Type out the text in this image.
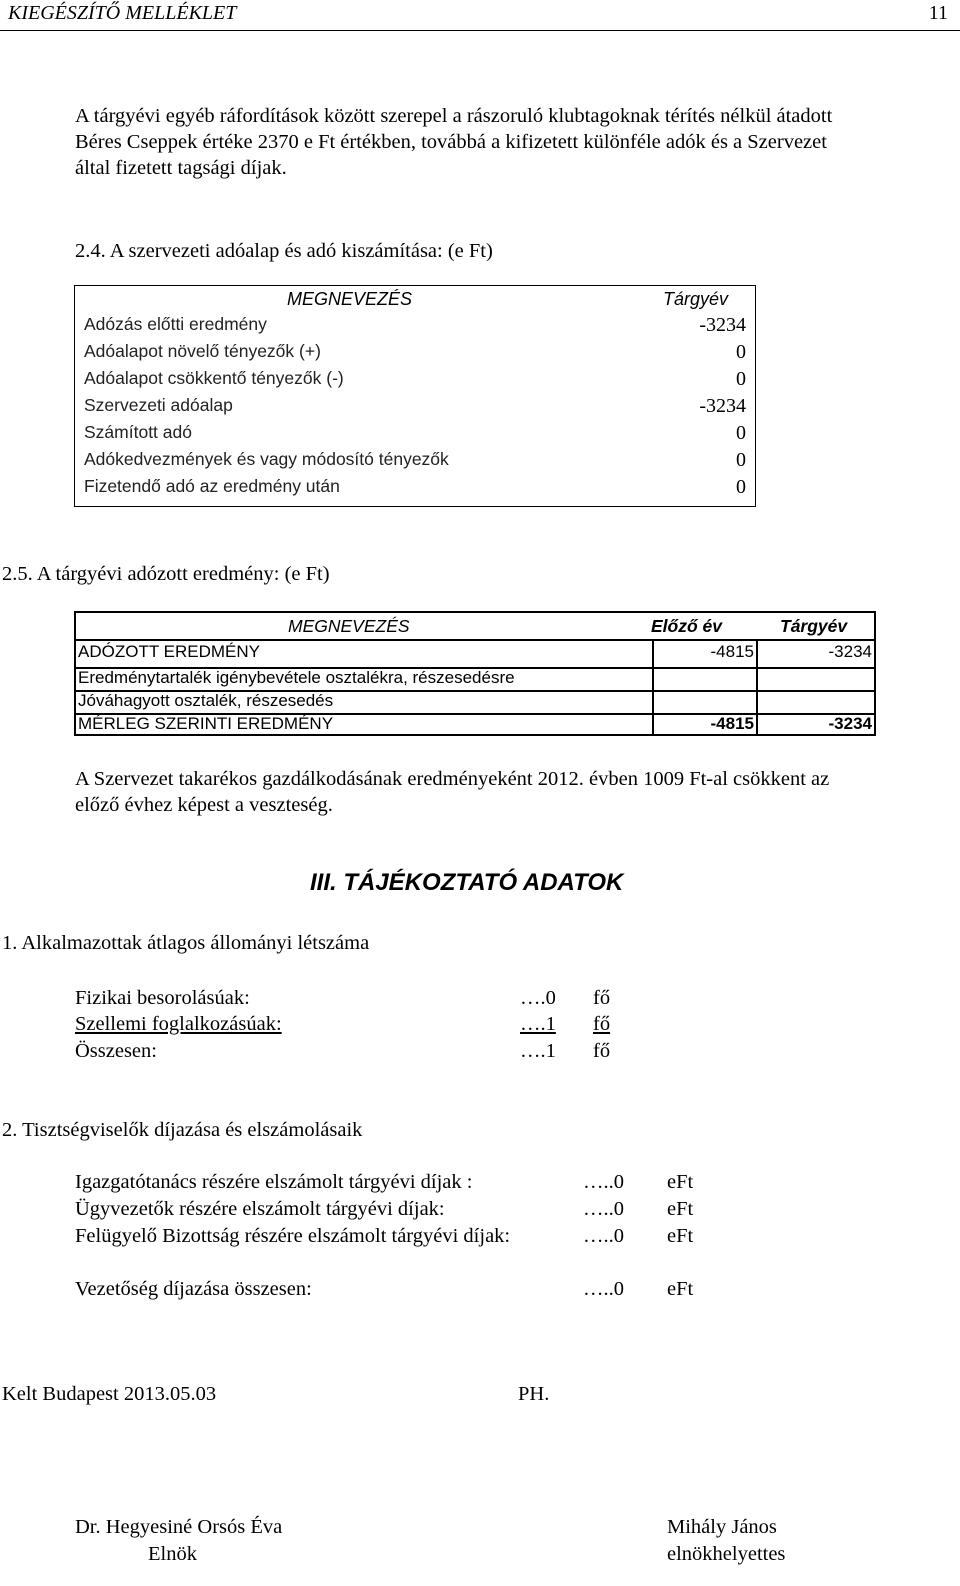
KIEGÉSZÍTŐ MELLÉKLET	11
A tárgyévi egyéb ráfordítások között szerepel a rászoruló klubtagoknak térítés nélkül átadott
Béres Cseppek értéke 2370 e Ft értékben, továbbá a kifizetett különféle adók és a Szervezet
által fizetett tagsági díjak.
2.4. A szervezeti adóalap és adó kiszámítása: (e Ft)
MEGNEVEZÉS	Tárgyév
Adózás előtti eredmény	-3234
Adóalapot növelő tényezők (+)	0
Adóalapot csökkentő tényezők (-)	0
Szervezeti adóalap	-3234
Számított adó	0
Adókedvezmények és vagy módosító tényezők	0
Fizetendő adó az eredmény után	0
2.5. A tárgyévi adózott eredmény: (e Ft)
MEGNEVEZÉS	Előző év	Tárgyév
ADÓZOTT EREDMÉNY	-4815	-3234
Eredménytartalék igénybevétele osztalékra, részesedésre
Jóváhagyott osztalék, részesedés
MÉRLEG SZERINTI EREDMÉNY	-4815	-3234
A Szervezet takarékos gazdálkodásának eredményeként 2012. évben 1009 Ft-al csökkent az
előző évhez képest a veszteség.
III. TÁJÉKOZTATÓ ADATOK
1. Alkalmazottak átlagos állományi létszáma
Fizikai besorolásúak:	….0 fő
Szellemi foglalkozásúak:	….1 fő
Összesen:	….1 fő
2. Tisztségviselők díjazása és elszámolásaik
Igazgatótanács részére elszámolt tárgyévi díjak :	…..0 eFt
Ügyvezetők részére elszámolt tárgyévi díjak:	…..0 eFt
Felügyelő Bizottság részére elszámolt tárgyévi díjak:	…..0 eFt
Vezetőség díjazása összesen:	…..0 eFt
Kelt Budapest 2013.05.03	PH.
Dr. Hegyesiné Orsós Éva
Elnök
Mihály János
elnökhelyettes
